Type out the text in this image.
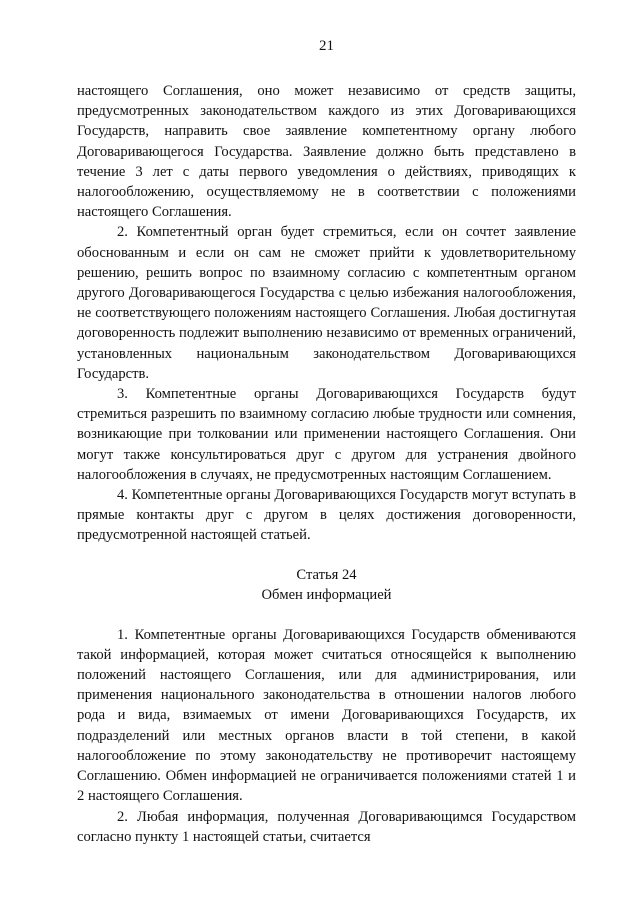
21

настоящего Соглашения, оно может независимо от средств защиты, предусмотренных законодательством каждого из этих Договаривающихся Государств, направить свое заявление компетентному органу любого Договаривающегося Государства. Заявление должно быть представлено в течение 3 лет с даты первого уведомления о действиях, приводящих к налогообложению, осуществляемому не в соответствии с положениями настоящего Соглашения.

2. Компетентный орган будет стремиться, если он сочтет заявление обоснованным и если он сам не сможет прийти к удовлетворительному решению, решить вопрос по взаимному согласию с компетентным органом другого Договаривающегося Государства с целью избежания налогообложения, не соответствующего положениям настоящего Соглашения. Любая достигнутая договоренность подлежит выполнению независимо от временных ограничений, установленных национальным законодательством Договаривающихся Государств.

3. Компетентные органы Договаривающихся Государств будут стремиться разрешить по взаимному согласию любые трудности или сомнения, возникающие при толковании или применении настоящего Соглашения. Они могут также консультироваться друг с другом для устранения двойного налогообложения в случаях, не предусмотренных настоящим Соглашением.

4. Компетентные органы Договаривающихся Государств могут вступать в прямые контакты друг с другом в целях достижения договоренности, предусмотренной настоящей статьей.

Статья 24
Обмен информацией

1. Компетентные органы Договаривающихся Государств обмениваются такой информацией, которая может считаться относящейся к выполнению положений настоящего Соглашения, или для администрирования, или применения национального законодательства в отношении налогов любого рода и вида, взимаемых от имени Договаривающихся Государств, их подразделений или местных органов власти в той степени, в какой налогообложение по этому законодательству не противоречит настоящему Соглашению. Обмен информацией не ограничивается положениями статей 1 и 2 настоящего Соглашения.

2. Любая информация, полученная Договаривающимся Государством согласно пункту 1 настоящей статьи, считается
